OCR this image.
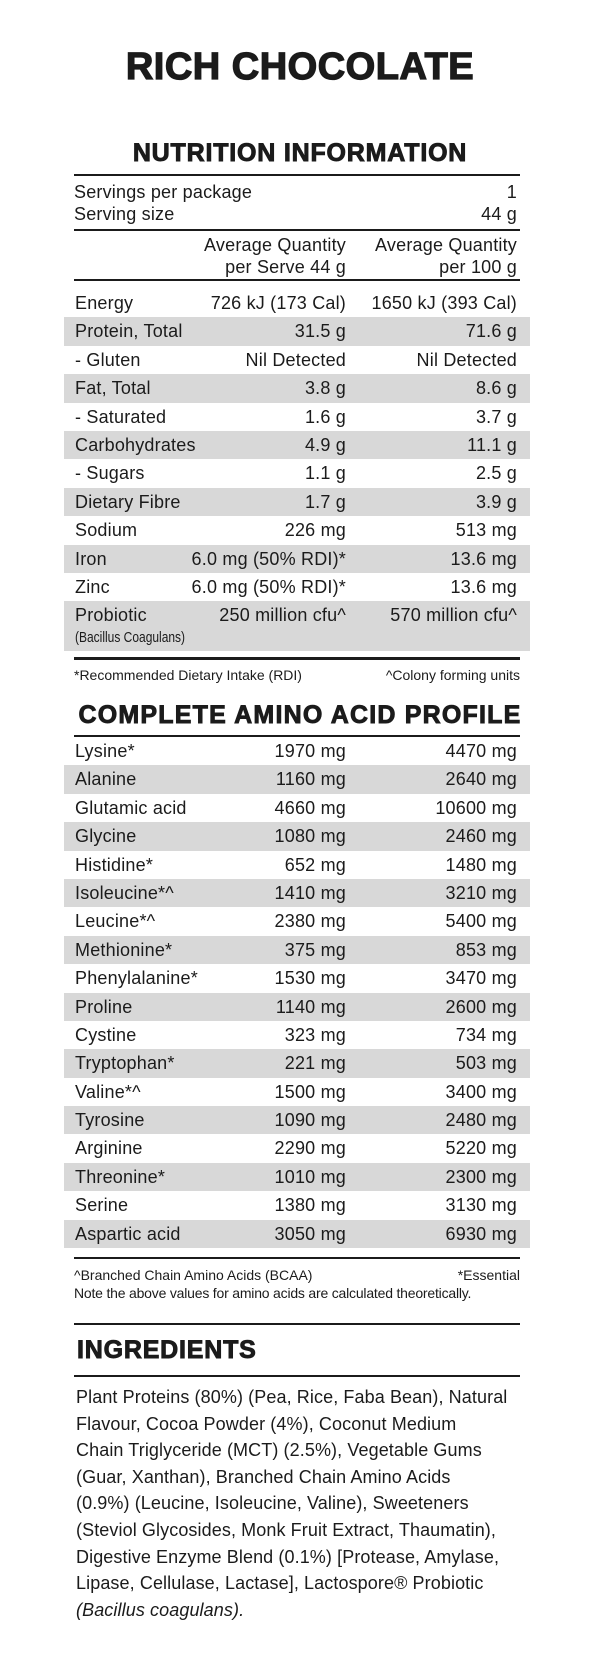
RICH CHOCOLATE
NUTRITION INFORMATION
Servings per package	1
Serving size	44 g
Average Quantity
per Serve 44 g
Average Quantity
per 100 g
Energy	726 kJ (173 Cal) 1650 kJ (393 Cal)
Protein, Total	31.5 g	71.6 g
- Gluten	Nil Detected	Nil Detected
Fat, Total	3.8 g	8.6 g
- Saturated	1.6 g	3.7 g
Carbohydrates	4.9 g	11.1 g
- Sugars	1.1 g	2.5 g
Dietary Fibre	1.7 g	3.9 g
Sodium	226 mg	513 mg
Iron	6.0 mg (50% RDI)*	13.6 mg
Zinc	6.0 mg (50% RDI)*	13.6 mg
Probiotic
(Bacillus Coagulans)
250 million cfu^ 570 million cfu^
*Recommended Dietary Intake (RDI)	^Colony forming units
COMPLETE AMINO ACID PROFILE
Lysine*	1970 mg	4470 mg
Alanine	1160 mg	2640 mg
Glutamic acid	4660 mg	10600 mg
Glycine	1080 mg	2460 mg
Histidine*	652 mg	1480 mg
Isoleucine*^	1410 mg	3210 mg
Leucine*^	2380 mg	5400 mg
Methionine*	375 mg	853 mg
Phenylalanine*	1530 mg	3470 mg
Proline	1140 mg	2600 mg
Cystine	323 mg	734 mg
Tryptophan*	221 mg	503 mg
Valine*^	1500 mg	3400 mg
Tyrosine	1090 mg	2480 mg
Arginine	2290 mg	5220 mg
Threonine*	1010 mg	2300 mg
Serine	1380 mg	3130 mg
Aspartic acid	3050 mg	6930 mg
^Branched Chain Amino Acids (BCAA)	*Essential
Note the above values for amino acids are calculated theoretically.
INGREDIENTS
Plant Proteins (80%) (Pea, Rice, Faba Bean), Natural
Flavour, Cocoa Powder (4%), Coconut Medium
Chain Triglyceride (MCT) (2.5%), Vegetable Gums
(Guar, Xanthan), Branched Chain Amino Acids
(0.9%) (Leucine, Isoleucine, Valine), Sweeteners
(Steviol Glycosides, Monk Fruit Extract, Thaumatin),
Digestive Enzyme Blend (0.1%) [Protease, Amylase,
Lipase, Cellulase, Lactase], Lactospore® Probiotic
(Bacillus coagulans).
